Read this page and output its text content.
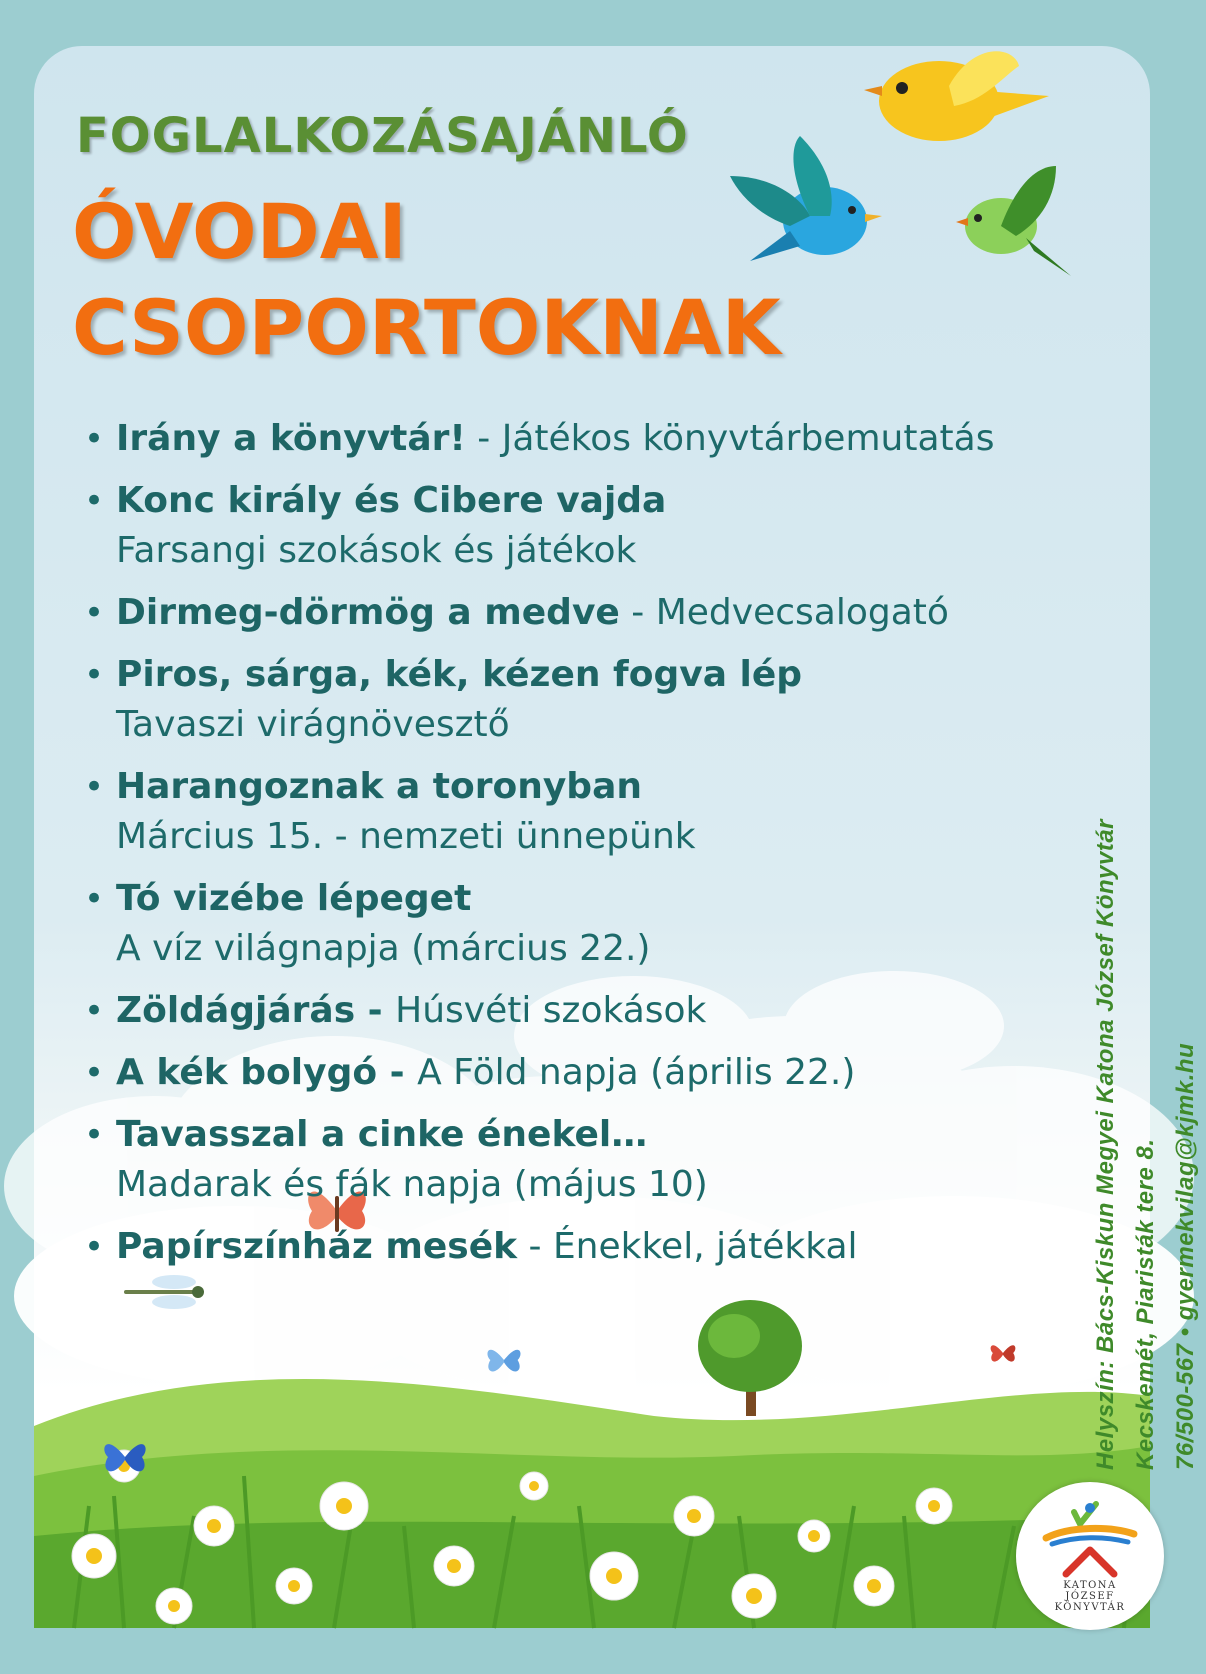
FOGLALKOZÁSAJÁNLÓ
ÓVODAI
CSOPORTOKNAK
• Irány a könyvtár! - Játékos könyvtárbemutatás
• Konc király és Cibere vajda
Farsangi szokások és játékok
• Dirmeg-dörmög a medve - Medvecsalogató
• Piros, sárga, kék, kézen fogva lép
Tavaszi virágnövesztő
• Harangoznak a toronyban
Március 15. - nemzeti ünnepünk
• Tó vizébe lépeget
A víz világnapja (március 22.)
• Zöldágjárás - Húsvéti szokások
• A kék bolygó - A Föld napja (április 22.)
• Tavasszal a cinke énekel…
Madarak és fák napja (május 10)
• Papírszínház mesék - Énekkel, játékkal	Helyszín: Bács-Kiskun Megyei Katona József Könyvtár Kecskemét, Piaristák tere 8. 76/500-567 • gyermekvilag@kjmk.hu
KATONA
JÓZSEF
KÖNYVTÁR
